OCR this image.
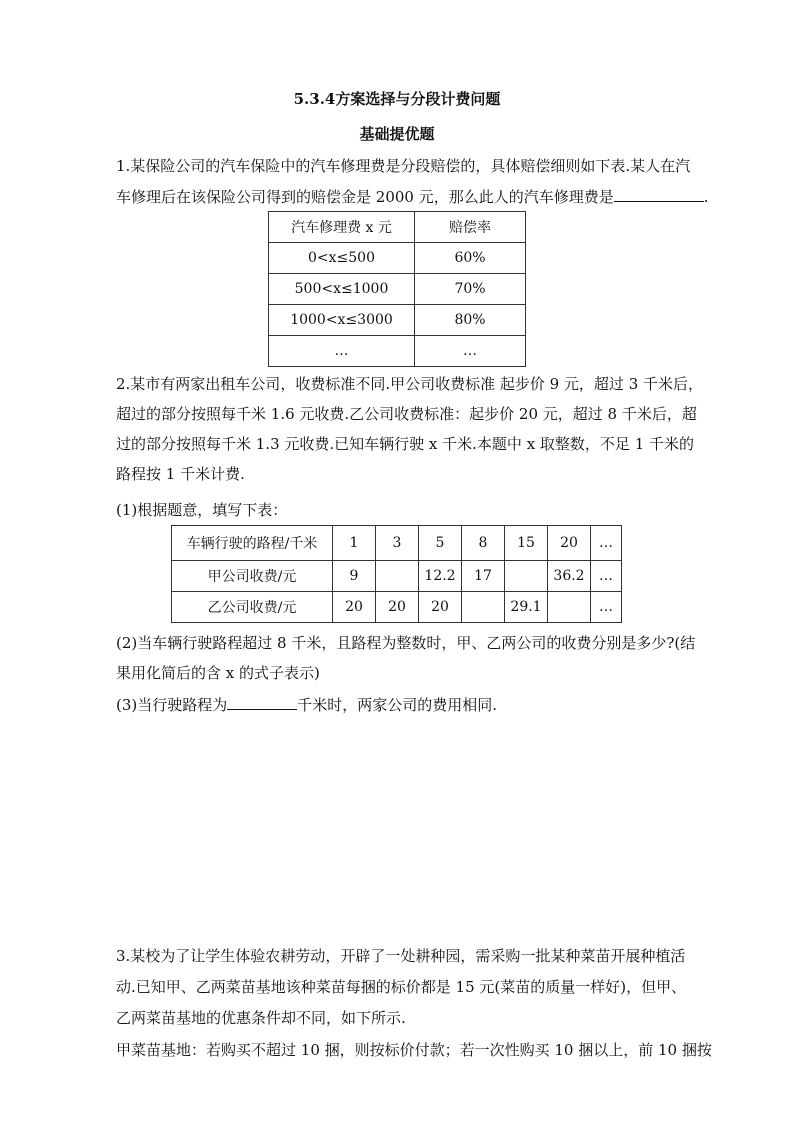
5.3.4方案选择与分段计费问题
基础提优题
1.某保险公司的汽车保险中的汽车修理费是分段赔偿的，具体赔偿细则如下表.某人在汽
车修理后在该保险公司得到的赔偿金是 2000 元，那么此人的汽车修理费是	.
汽车修理费 x 元	赔偿率
0<x≤500	60%
500<x≤1000	70%
1000<x≤3000	80%
…	…
2.某市有两家出租车公司，收费标准不同.甲公司收费标准 起步价 9 元，超过 3 千米后，
超过的部分按照每千米 1.6 元收费.乙公司收费标准：起步价 20 元，超过 8 千米后，超
过的部分按照每千米 1.3 元收费.已知车辆行驶 x 千米.本题中 x 取整数，不足 1 千米的
路程按 1 千米计费.
(1)根据题意，填写下表：
车辆行驶的路程/千米	1	3	5	8	15	20	…
甲公司收费/元	9		12.2	17		36.2	…
乙公司收费/元	20	20	20		29.1		…
(2)当车辆行驶路程超过 8 千米，且路程为整数时，甲、乙两公司的收费分别是多少?(结
果用化简后的含 x 的式子表示)
(3)当行驶路程为	千米时，两家公司的费用相同.
3.某校为了让学生体验农耕劳动，开辟了一处耕种园，需采购一批某种菜苗开展种植活
动.已知甲、乙两菜苗基地该种菜苗每捆的标价都是 15 元(菜苗的质量一样好)，但甲、
乙两菜苗基地的优惠条件却不同，如下所示.
甲菜苗基地：若购买不超过 10 捆，则按标价付款；若一次性购买 10 捆以上，前 10 捆按
